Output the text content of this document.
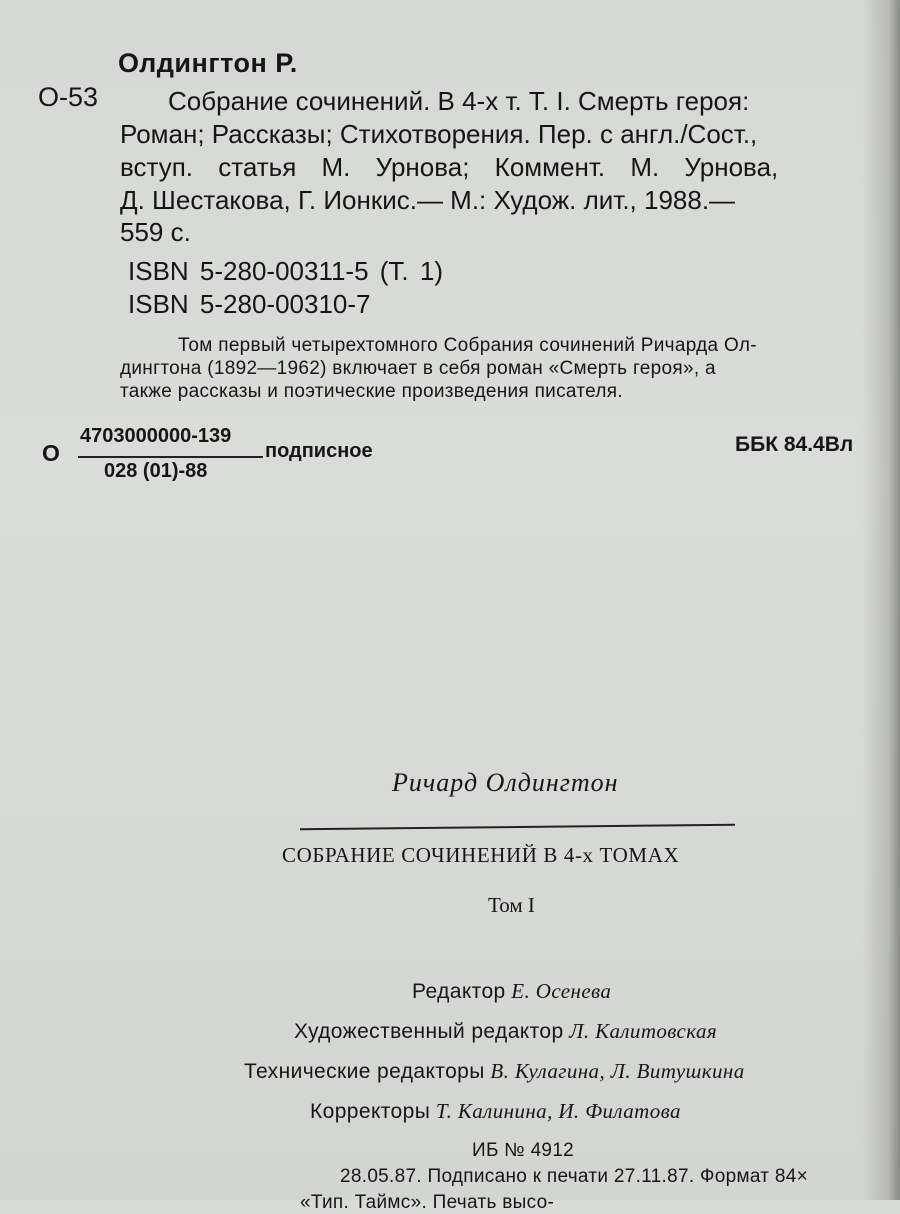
Олдингтон Р.
О-53	Собрание сочинений. В 4-х т. Т. I. Смерть героя:
Роман; Рассказы; Стихотворения. Пер. с англ./Сост.,
вступ. статья М. Урнова; Коммент. М. Урнова,
Д. Шестакова, Г. Ионкис.— М.: Худож. лит., 1988.—
559 с.
ISBN 5-280-00311-5 (Т. 1)
ISBN 5-280-00310-7
Том первый четырехтомного Собрания сочинений Ричарда Ол-
дингтона (1892—1962) включает в себя роман «Смерть героя», а
также рассказы и поэтические произведения писателя.
О
4703000000-139
028 (01)-88
подписное	ББК 84.4Вл
Ричард Олдингтон
СОБРАНИЕ СОЧИНЕНИЙ В 4-х ТОМАХ
Том I
Редактор Е. Осенева
Художественный редактор Л. Калитовская
Технические редакторы В. Кулагина, Л. Витушкина
Корректоры Т. Калинина, И. Филатова
ИБ № 4912
28.05.87. Подписано к печати 27.11.87. Формат 84×
«Тип. Таймс». Печать высо-
